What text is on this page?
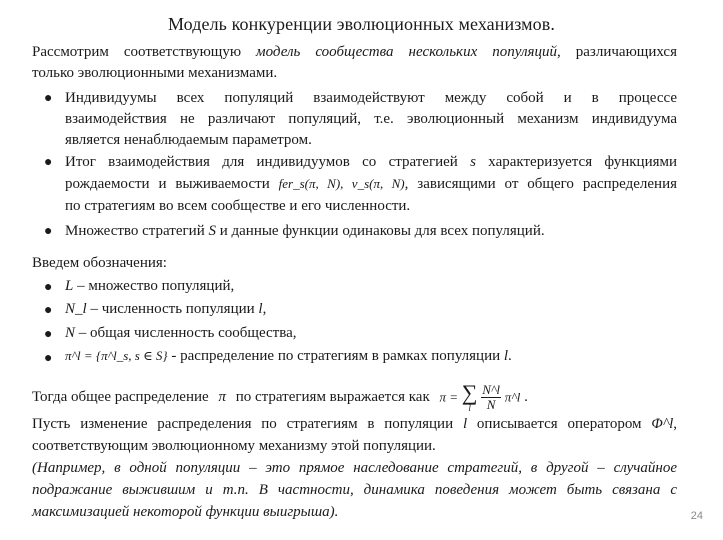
Модель конкуренции эволюционных механизмов.
Рассмотрим соответствующую модель сообщества нескольких популяций, различающихся
только эволюционными механизмами.
● Индивидуумы всех популяций взаимодействуют между собой и в процессе
взаимодействия не различают популяций, т.е. эволюционный механизм индивидуума
является ненаблюдаемым параметром.
● Итог взаимодействия для индивидуумов со стратегией s характеризуется функциями
рождаемости и выживаемости fer_s(π, N), v_s(π, N), зависящими от общего распределения
по стратегиям во всем сообществе и его численности.
● Множество стратегий S и данные функции одинаковы для всех популяций.
Введем обозначения:
● L – множество популяций,
● N_l – численность популяции l,
● N – общая численность сообщества,
● π^l = {π^l_s, s ∈ S} - распределение по стратегиям в рамках популяции l.
Тогда общее распределение π по стратегиям выражается как π = ∑
l
$\frac{N\^{}l}{N}$ π^l .
Пусть изменение распределения по стратегиям в популяции l описывается оператором Φ^l,
соответствующим эволюционному механизму этой популяции.
(Например, в одной популяции – это прямое наследование стратегий, в другой – случайное
подражание выжившим и т.п. В частности, динамика поведения может быть связана с
максимизацией некоторой функции выигрыша).	24
